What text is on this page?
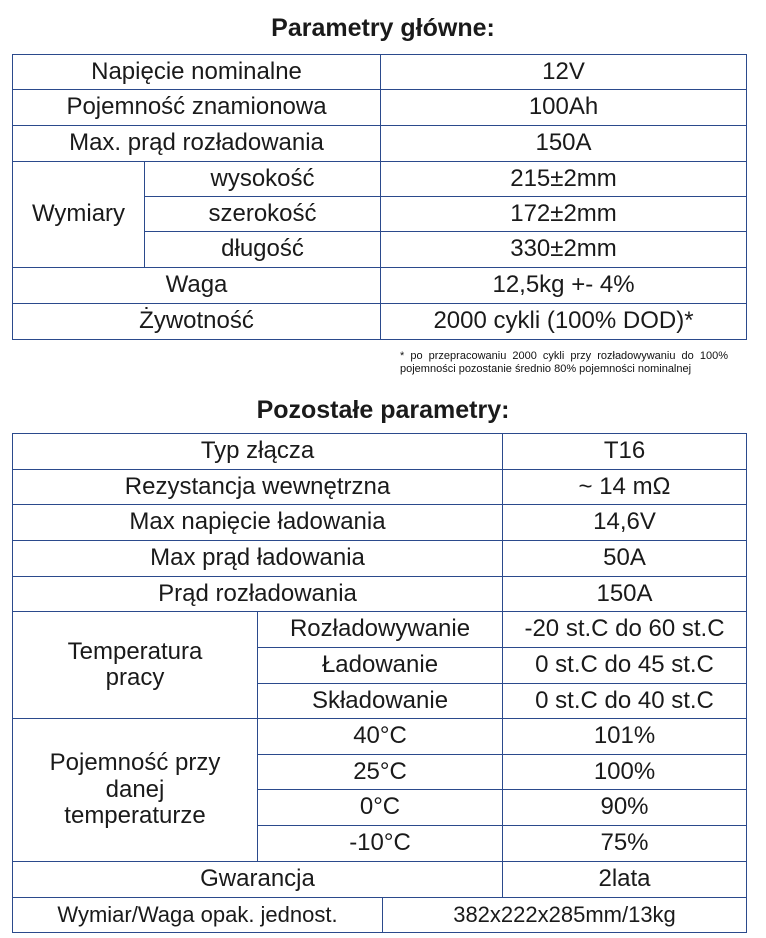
Parametry główne:
Napięcie nominalne		12V
Pojemność znamionowa		100Ah
Max. prąd rozładowania		150A
Wymiary	wysokość	215±2mm
	szerokość	172±2mm
	długość	330±2mm
Waga		12,5kg +- 4%
Żywotność		2000 cykli (100% DOD)*

* po przepracowaniu 2000 cykli przy rozładowywaniu do 100% pojemności pozostanie średnio 80% pojemności nominalnej

Pozostałe parametry:
Typ złącza			T16
Rezystancja wewnętrzna			~ 14 mΩ
Max napięcie ładowania			14,6V
Max prąd ładowania			50A
Prąd rozładowania			150A
Temperatura pracy	Rozładowywanie		-20 st.C do 60 st.C
	Ładowanie		0 st.C do 45 st.C
	Składowanie		0 st.C do 40 st.C
Pojemność przy danej temperaturze	40°C		101%
	25°C		100%
	0°C		90%
	-10°C		75%
Gwarancja			2lata
Wymiar/Waga opak. jednost.		382x222x285mm/13kg	
